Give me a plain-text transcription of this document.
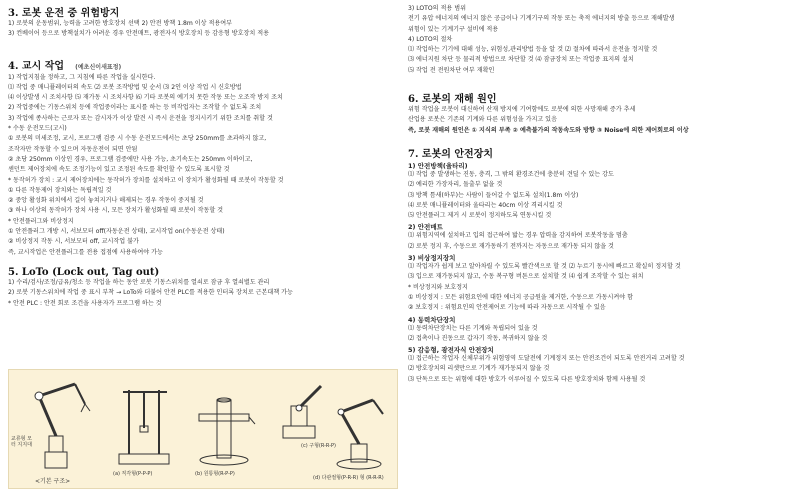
3. 로봇 운전 중 위험방지
1) 로봇의 운동범위, 능력을 고려한 방호장치 선택 2) 안전 방책 1.8m 이상 적용여부
3) 컨베이어 등으로 방책설치가 어려운 경우 안전매트, 광전자식 방호장치 등 감응형 방호장치 적용
4. 교시 작업 (예초신이새표정)
1) 작업지침을 정하고, 그 지침에 따른 작업을 실시한다.
⑴ 작업 중 매니퓰레이터의 속도 ⑵ 로봇 조작방법 및 순서 ⑶ 2인 이상 작업 시 신호방법
⑷ 이상발생 시 조치사항 ⑸ 재가동 시 조치사항 ⑹ 기타 로봇의 예기치 못한 작동 또는 오조작 방지 조치
2) 작업중에는 기동스위치 등에 작업중이라는 표시를 하는 등 비작업자는 조작할 수 없도록 조치
3) 작업에 종사하는 근로자 또는 감시자가 이상 발견 시 즉시 운전을 정지시키기 위한 조치를 취할 것
* 수동 운전모드(고시)
① 로봇의 미세조정, 교시, 프로그램 검증 시 수동 운전모드에서는 초당 250mm를 초과하지 않고,
조작자만 작동할 수 있으며 자동운전이 되면 안됨
② 초당 250mm 이상인 경우, 프로그램 검증에만 사용 가능, 초기속도는 250mm 이하이고,
센던트 제어장치에 속도 조정기능이 있고 조정된 속도를 확인할 수 있도록 표시할 것
* 동작허가 장치 : 교시 제어장치에는 동작허가 장치를 설치하고 이 장치가 활성화될 때 로봇이 작동할 것
① 다른 작동제어 장치와는 독립적일 것
② 중앙 활성화 위치에서 길이 놓쳐지거나 해제되는 경우 작동이 중지될 것
③ 하나 이상의 동작허가 장치 사용 시, 모든 장치가 활성화될 때 로봇이 작동할 것
* 안전플러그와 비상정지
① 안전플러그 개방 시, 서보모터 off(자동운전 상태), 교시작업 on(수동운전 상태)
② 비상정지 작동 시, 서보모터 off, 교시작업 불가
즉, 교시작업은 안전플러그를 전용 접점에 사용하여야 가능
5. LoTo (Lock out, Tag out)
1) 수리/검사/조정/급유/청소 등 작업을 하는 동안 로봇 기동스위치를 열쇠로 잠금 후 열쇠별도 관리
2) 로봇 기동스위치에 작업 중 표시 부착 → LoTo와 더불어 안전 PLC를 적용한 인터록 장치로 근본대책 가능
* 안전 PLC : 안전 회로 조건을 사용자가 프로그램 하는 것
교류형 모터 지지대
<기본 구조>
(a) 직각형(P-P-P)	(b) 원통형(R-P-P)
(c) 구형(R-R-P)
(d) 다관절형(P-R-R) 형 (R-R-R)
3) LOTO의 적용 범위
전기 유압 에너지의 에너지 않은 공급이나 기계기구의 작동 또는 축적 에너지의 방출 등으로 재해발생
위험이 있는 기계기구 설비에 적용
4) LOTO의 절차
⑴ 작업하는 기기에 대해 성능, 위험성,관리방법 등을 알 것 ⑵ 절차에 따라서 운전을 정지할 것
⑶ 에너지원 차단 등 물리적 방법으로 차단할 것 ⑷ 잠금장치 또는 작업중 표지의 설치
⑸ 작업 전 전원차단 여부 재확인
6. 로봇의 재해 원인
위험 작업을 로봇이 대신하여 산재 방지에 기여함에도 로봇에 의한 사망재해 증가 추세
산업용 로봇은 기존의 기계와 다른 위험성을 가지고 있음
즉, 로봇 재해의 원인은 ① 지식의 부족 ② 예측불가의 작동속도와 방향 ③ Noise에 의한 제어회로의 이상
7. 로봇의 안전장치
1) 안전방책(울타리)
⑴ 작업 중 발생하는 진동, 충격, 그 밖의 환경조건에 충분히 견딜 수 있는 강도
⑵ 예리한 가장자리, 돌출부 없을 것
⑶ 방책 틈새(하부)는 사람이 들어갈 수 없도록 설치(1.8m 이상)
⑷ 로봇 매니퓰레이터와 울타리는 40cm 이상 격리시킬 것
⑸ 안전플러그 제거 시 로봇이 정지하도록 연동시킬 것
2) 안전매트
⑴ 위험지역에 설치하고 입의 접근하여 밟는 경우 압력을 감지하여 로봇작동을 멈춤
⑵ 로봇 정지 후, 수동으로 재가동하기 전까지는 자동으로 재가동 되지 않을 것
3) 비상정지장치
⑴ 작업자가 쉽게 보고 알아차릴 수 있도록 빨간색으로 할 것 ⑵ 누르기 동시에 빠르고 확실히 정지할 것
⑶ 입으로 재가동되지 않고, 수동 복구형 버튼으로 설치할 것 ⑷ 쉽게 조작할 수 있는 위치
* 비상정지와 보호정지
① 비상정지 : 모든 위험요인에 대한 에너지 공급원을 제거한, 수동으로 가동시켜야 함
② 보호정지 : 위험요인의 안전제어로 기능에 따라 자동으로 시작될 수 있음
4) 동력차단장치
⑴ 동력차단장치는 다른 기계와 독립되어 있을 것
⑵ 접촉이나 진동으로 갑자기 작동, 복귀하지 않을 것
5) 감응형, 광전자식 안전장치
⑴ 접근하는 작업자 신체부위가 위험영역 도달전에 기계정지 또는 안전조건이 되도록 안전거리 고려할 것
⑵ 방호장치의 리셋만으로 기계가 재가동되지 않을 것
⑶ 단독으로 또는 위험에 대한 방호가 이루어질 수 있도록 다른 방호장치와 함께 사용될 것
